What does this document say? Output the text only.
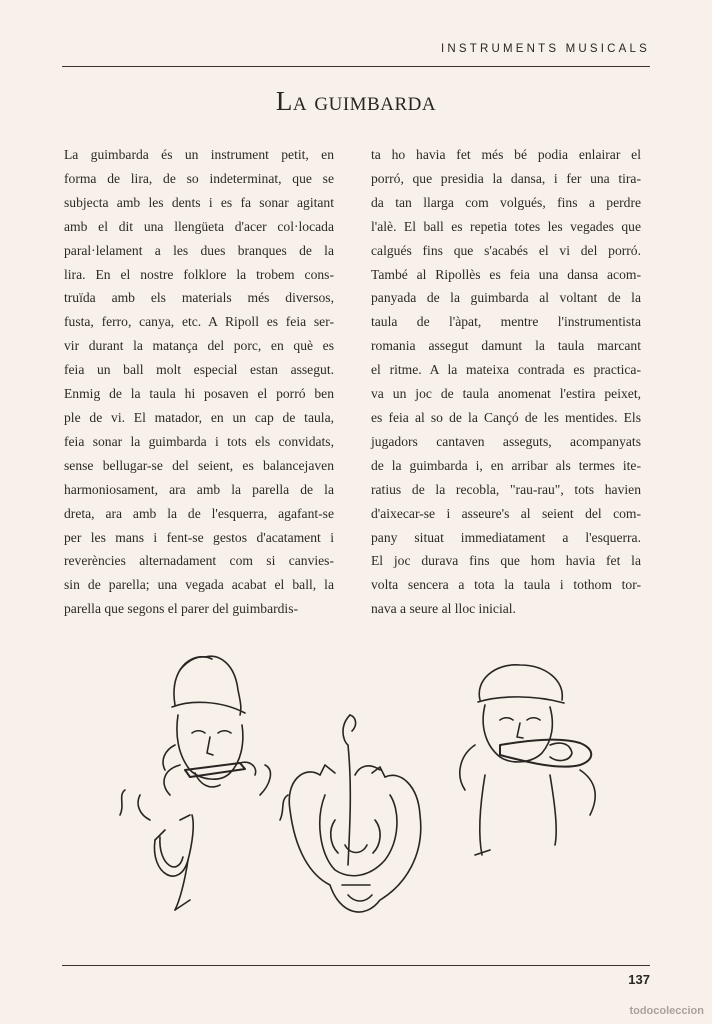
INSTRUMENTS MUSICALS
La guimbarda
La guimbarda és un instrument petit, en
forma de lira, de so indeterminat, que se
subjecta amb les dents i es fa sonar agitant
amb el dit una llengüeta d'acer col·locada
paral·lelament a les dues branques de la
lira. En el nostre folklore la trobem cons-
truïda amb els materials més diversos,
fusta, ferro, canya, etc. A Ripoll es feia ser-
vir durant la matança del porc, en què es
feia un ball molt especial estan assegut.
Enmig de la taula hi posaven el porró ben
ple de vi. El matador, en un cap de taula,
feia sonar la guimbarda i tots els convidats,
sense bellugar-se del seient, es balancejaven
harmoniosament, ara amb la parella de la
dreta, ara amb la de l'esquerra, agafant-se
per les mans i fent-se gestos d'acatament i
reverències alternadament com si canvies-
sin de parella; una vegada acabat el ball, la
parella que segons el parer del guimbardis-
ta ho havia fet més bé podia enlairar el
porró, que presidia la dansa, i fer una tira-
da tan llarga com volgués, fins a perdre
l'alè. El ball es repetia totes les vegades que
calgués fins que s'acabés el vi del porró.
També al Ripollès es feia una dansa acom-
panyada de la guimbarda al voltant de la
taula de l'àpat, mentre l'instrumentista
romania assegut damunt la taula marcant
el ritme. A la mateixa contrada es practica-
va un joc de taula anomenat l'estira peixet,
es feia al so de la Cançó de les mentides. Els
jugadors cantaven asseguts, acompanyats
de la guimbarda i, en arribar als termes ite-
ratius de la recobla, "rau-rau", tots havien
d'aixecar-se i asseure's al seient del com-
pany situat immediatament a l'esquerra.
El joc durava fins que hom havia fet la
volta sencera a tota la taula i tothom tor-
nava a seure al lloc inicial.
137
todocoleccion
